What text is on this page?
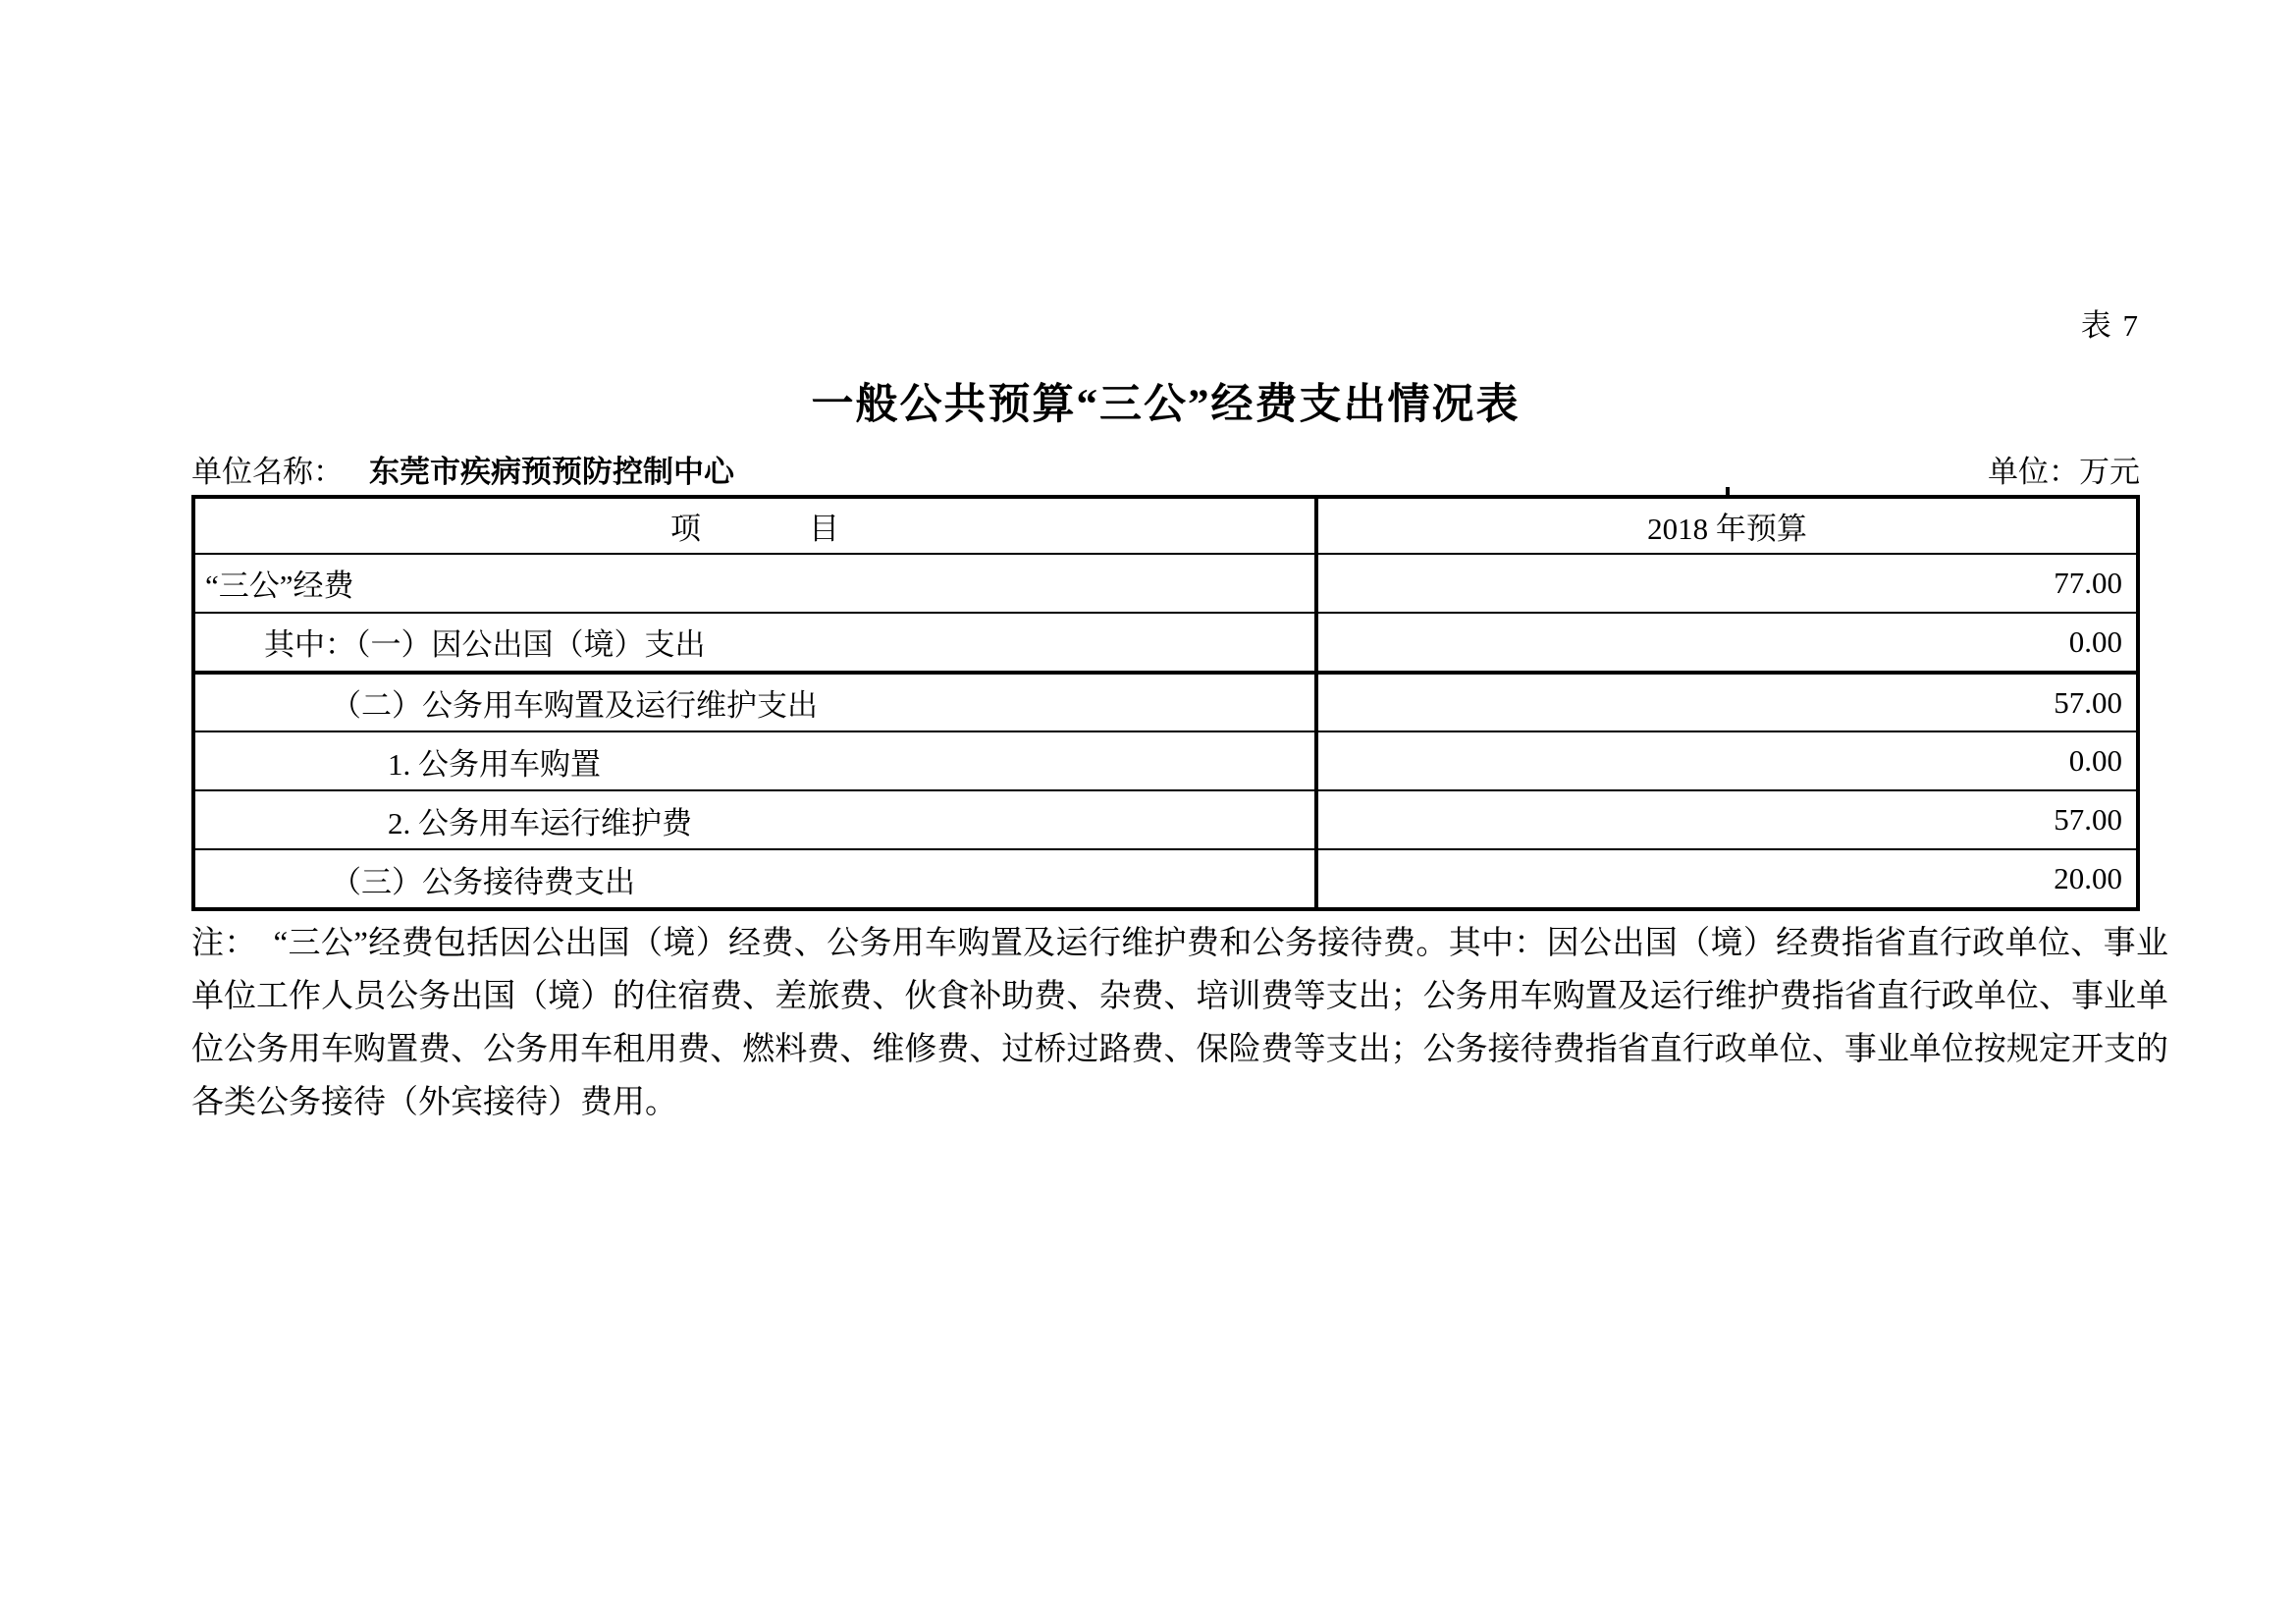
表 7
一般公共预算“三公”经费支出情况表
单位名称： 东莞市疾病预预防控制中心	单位：万元
项目	2018 年预算
“三公”经费	77.00
其中：（一）因公出国（境）支出	0.00
（二）公务用车购置及运行维护支出	57.00
1. 公务用车购置	0.00
2. 公务用车运行维护费	57.00
（三）公务接待费支出	20.00
注：　“三公”经费包括因公出国（境）经费、公务用车购置及运行维护费和公务接待费。其中：因公出国（境）经费指省直行政单位、事业单位工作人员公务出国（境）的住宿费、差旅费、伙食补助费、杂费、培训费等支出；公务用车购置及运行维护费指省直行政单位、事业单位公务用车购置费、公务用车租用费、燃料费、维修费、过桥过路费、保险费等支出；公务接待费指省直行政单位、事业单位按规定开支的各类公务接待（外宾接待）费用。
